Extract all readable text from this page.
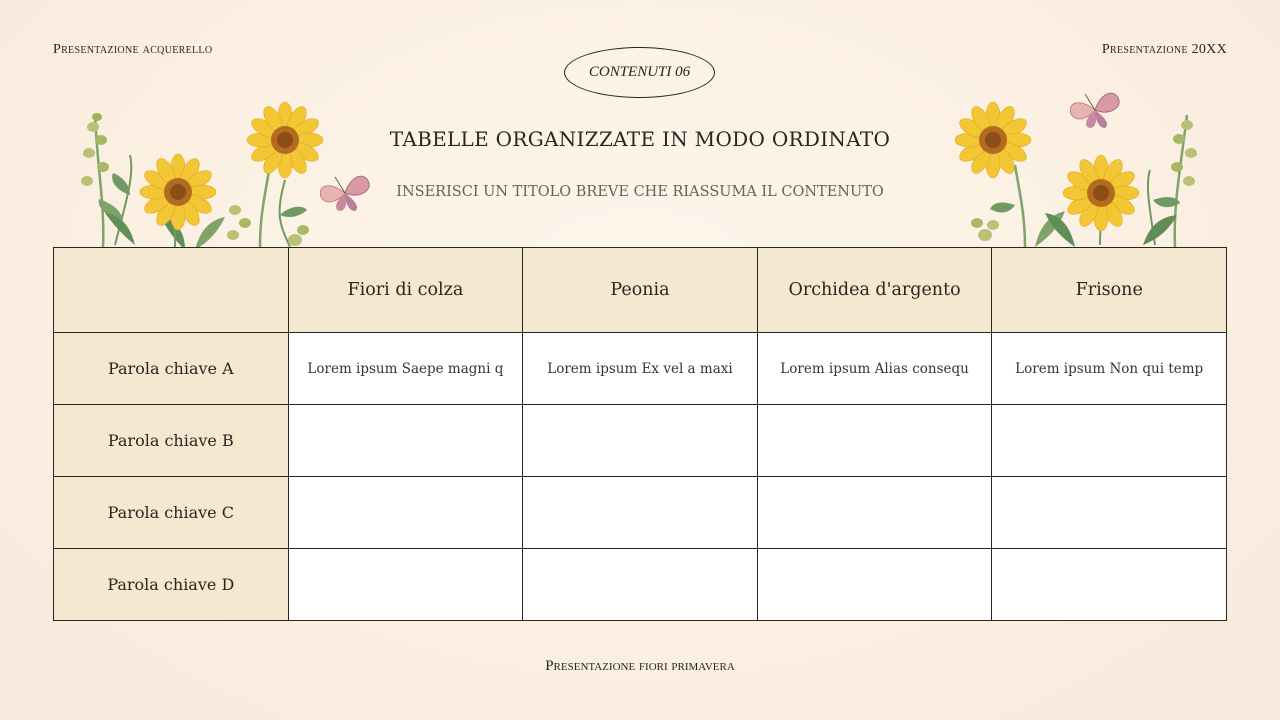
Presentazione acquerello	Presentazione 20XX
CONTENUTI 06
TABELLE ORGANIZZATE IN MODO ORDINATO
INSERISCI UN TITOLO BREVE CHE RIASSUMA IL CONTENUTO
	Fiori di colza	Peonia	Orchidea d'argento	Frisone
Parola chiave A	Lorem ipsum Saepe magni q	Lorem ipsum Ex vel a maxi	Lorem ipsum Alias consequ	Lorem ipsum Non qui temp
Parola chiave B				
Parola chiave C				
Parola chiave D				
Presentazione fiori primavera
